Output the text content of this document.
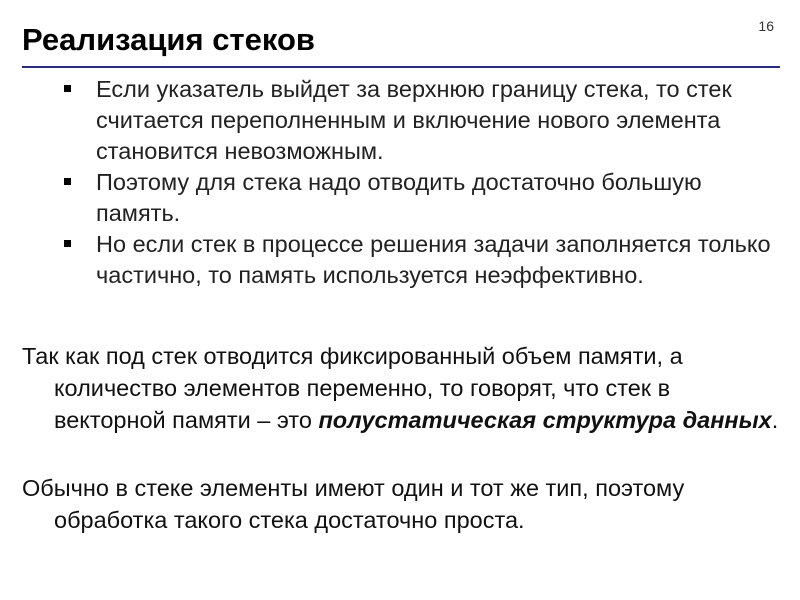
Реализация стеков	16
Если указатель выйдет за верхнюю границу стека, то стек считается переполненным и включение нового элемента становится невозможным.
Поэтому для стека надо отводить достаточно большую память.
Но если стек в процессе решения задачи заполняется только частично, то память используется неэффективно.
Так как под стек отводится фиксированный объем памяти, а количество элементов переменно, то говорят, что стек в векторной памяти – это полустатическая структура данных.
Обычно в стеке элементы имеют один и тот же тип, поэтому обработка такого стека достаточно проста.
